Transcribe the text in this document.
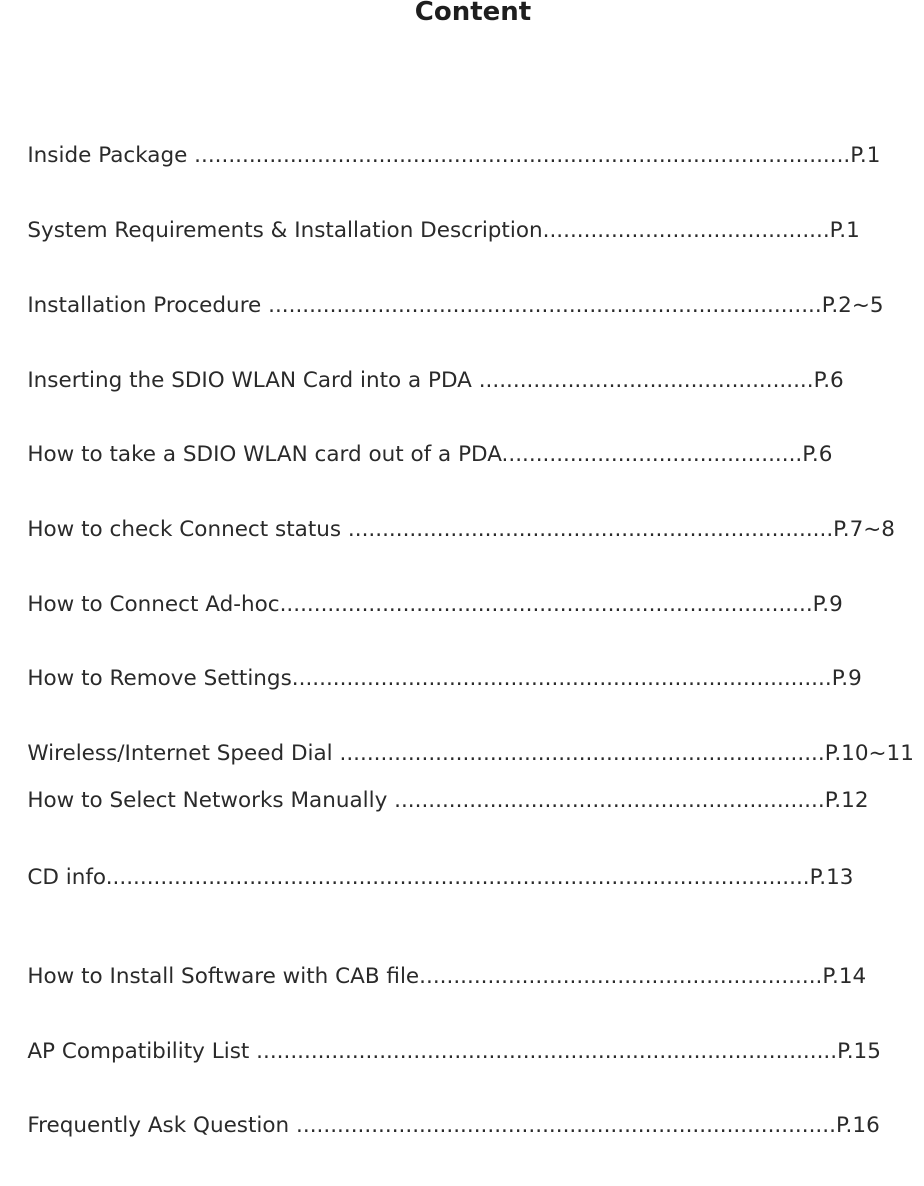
Content

Inside Package ................................................................................................P.1

System Requirements & Installation Description..........................................P.1

Installation Procedure .................................................................................P.2~5

Inserting the SDIO WLAN Card into a PDA .................................................P.6

How to take a SDIO WLAN card out of a PDA............................................P.6

How to check Connect status .......................................................................P.7~8

How to Connect Ad-hoc..............................................................................P.9

How to Remove Settings...............................................................................P.9

Wireless/Internet Speed Dial .......................................................................P.10~11

How to Select Networks Manually ...............................................................P.12

CD info.......................................................................................................P.13

How to Install Software with CAB file...........................................................P.14

AP Compatibility List .....................................................................................P.15

Frequently Ask Question ...............................................................................P.16
